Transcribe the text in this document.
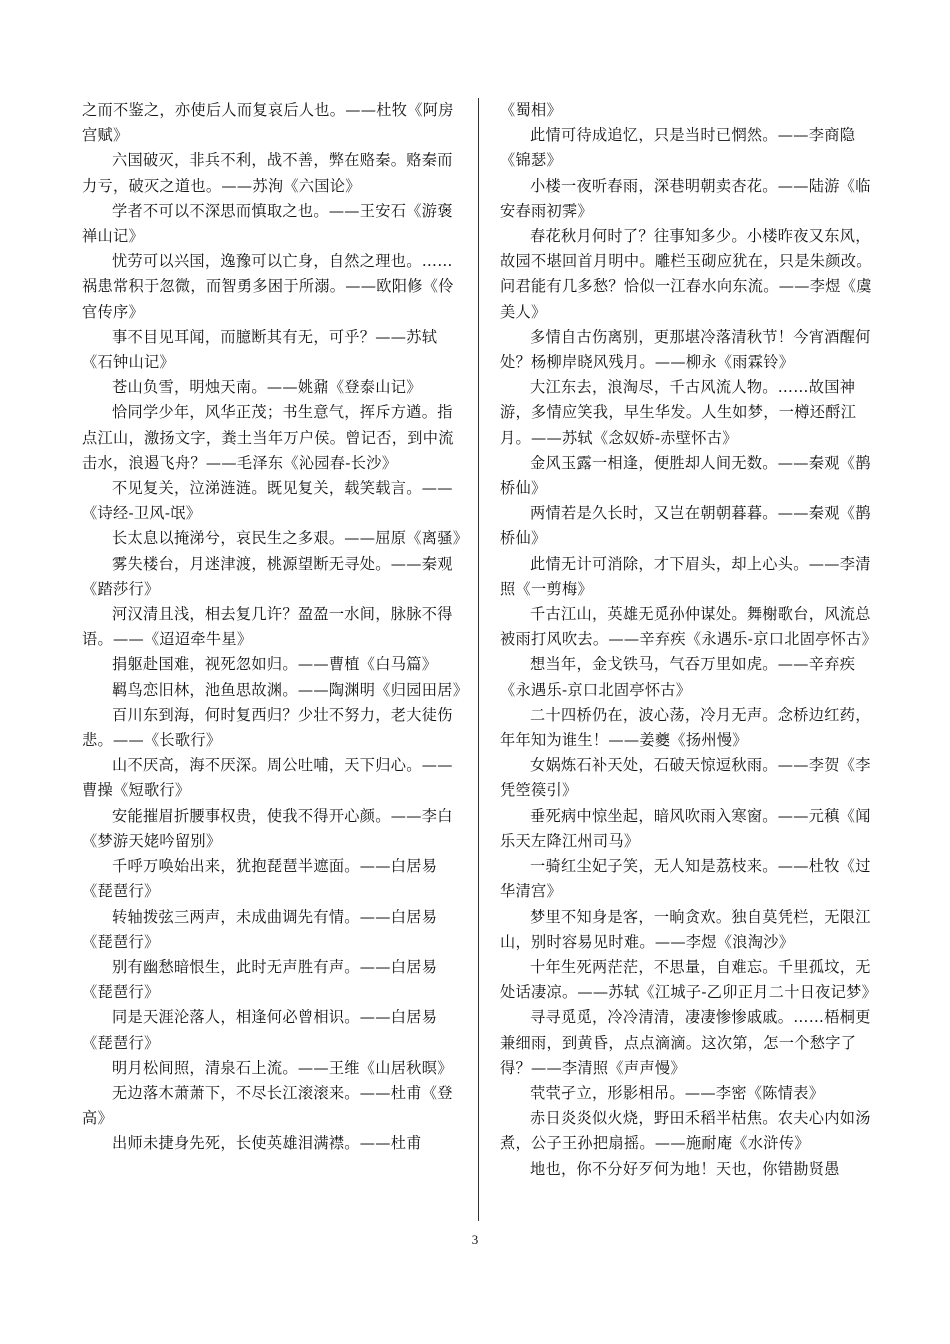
之而不鉴之，亦使后人而复哀后人也。——杜牧《阿房宫赋》

六国破灭，非兵不利，战不善，弊在赂秦。赂秦而力亏，破灭之道也。——苏洵《六国论》

学者不可以不深思而慎取之也。——王安石《游褒禅山记》

忧劳可以兴国，逸豫可以亡身，自然之理也。……祸患常积于忽微，而智勇多困于所溺。——欧阳修《伶官传序》

事不目见耳闻，而臆断其有无，可乎？——苏轼《石钟山记》

苍山负雪，明烛天南。——姚鼐《登泰山记》

恰同学少年，风华正茂；书生意气，挥斥方遒。指点江山，激扬文字，粪土当年万户侯。曾记否，到中流击水，浪遏飞舟？——毛泽东《沁园春-长沙》

不见复关，泣涕涟涟。既见复关，载笑载言。——《诗经-卫风-氓》

长太息以掩涕兮，哀民生之多艰。——屈原《离骚》

雾失楼台，月迷津渡，桃源望断无寻处。——秦观《踏莎行》

河汉清且浅，相去复几许？盈盈一水间，脉脉不得语。——《迢迢牵牛星》

捐躯赴国难，视死忽如归。——曹植《白马篇》

羁鸟恋旧林，池鱼思故渊。——陶渊明《归园田居》

百川东到海，何时复西归？少壮不努力，老大徒伤悲。——《长歌行》

山不厌高，海不厌深。周公吐哺，天下归心。——曹操《短歌行》

安能摧眉折腰事权贵，使我不得开心颜。——李白《梦游天姥吟留别》

千呼万唤始出来，犹抱琵琶半遮面。——白居易《琵琶行》

转轴拨弦三两声，未成曲调先有情。——白居易《琵琶行》

别有幽愁暗恨生，此时无声胜有声。——白居易《琵琶行》

同是天涯沦落人，相逢何必曾相识。——白居易《琵琶行》

明月松间照，清泉石上流。——王维《山居秋暝》

无边落木萧萧下，不尽长江滚滚来。——杜甫《登高》

出师未捷身先死，长使英雄泪满襟。——杜甫

《蜀相》

此情可待成追忆，只是当时已惘然。——李商隐《锦瑟》

小楼一夜听春雨，深巷明朝卖杏花。——陆游《临安春雨初霁》

春花秋月何时了？往事知多少。小楼昨夜又东风，故园不堪回首月明中。雕栏玉砌应犹在，只是朱颜改。问君能有几多愁？恰似一江春水向东流。——李煜《虞美人》

多情自古伤离别，更那堪冷落清秋节！今宵酒醒何处？杨柳岸晓风残月。——柳永《雨霖铃》

大江东去，浪淘尽，千古风流人物。……故国神游，多情应笑我，早生华发。人生如梦，一樽还酹江月。——苏轼《念奴娇-赤壁怀古》

金风玉露一相逢，便胜却人间无数。——秦观《鹊桥仙》

两情若是久长时，又岂在朝朝暮暮。——秦观《鹊桥仙》

此情无计可消除，才下眉头，却上心头。——李清照《一剪梅》

千古江山，英雄无觅孙仲谋处。舞榭歌台，风流总被雨打风吹去。——辛弃疾《永遇乐-京口北固亭怀古》

想当年，金戈铁马，气吞万里如虎。——辛弃疾《永遇乐-京口北固亭怀古》

二十四桥仍在，波心荡，冷月无声。念桥边红药，年年知为谁生！——姜夔《扬州慢》

女娲炼石补天处，石破天惊逗秋雨。——李贺《李凭箜篌引》

垂死病中惊坐起，暗风吹雨入寒窗。——元稹《闻乐天左降江州司马》

一骑红尘妃子笑，无人知是荔枝来。——杜牧《过华清宫》

梦里不知身是客，一晌贪欢。独自莫凭栏，无限江山，别时容易见时难。——李煜《浪淘沙》

十年生死两茫茫，不思量，自难忘。千里孤坟，无处话凄凉。——苏轼《江城子-乙卯正月二十日夜记梦》

寻寻觅觅，冷冷清清，凄凄惨惨戚戚。……梧桐更兼细雨，到黄昏，点点滴滴。这次第，怎一个愁字了得？——李清照《声声慢》

茕茕孑立，形影相吊。——李密《陈情表》

赤日炎炎似火烧，野田禾稻半枯焦。农夫心内如汤煮，公子王孙把扇摇。——施耐庵《水浒传》

地也，你不分好歹何为地！天也，你错勘贤愚

3
